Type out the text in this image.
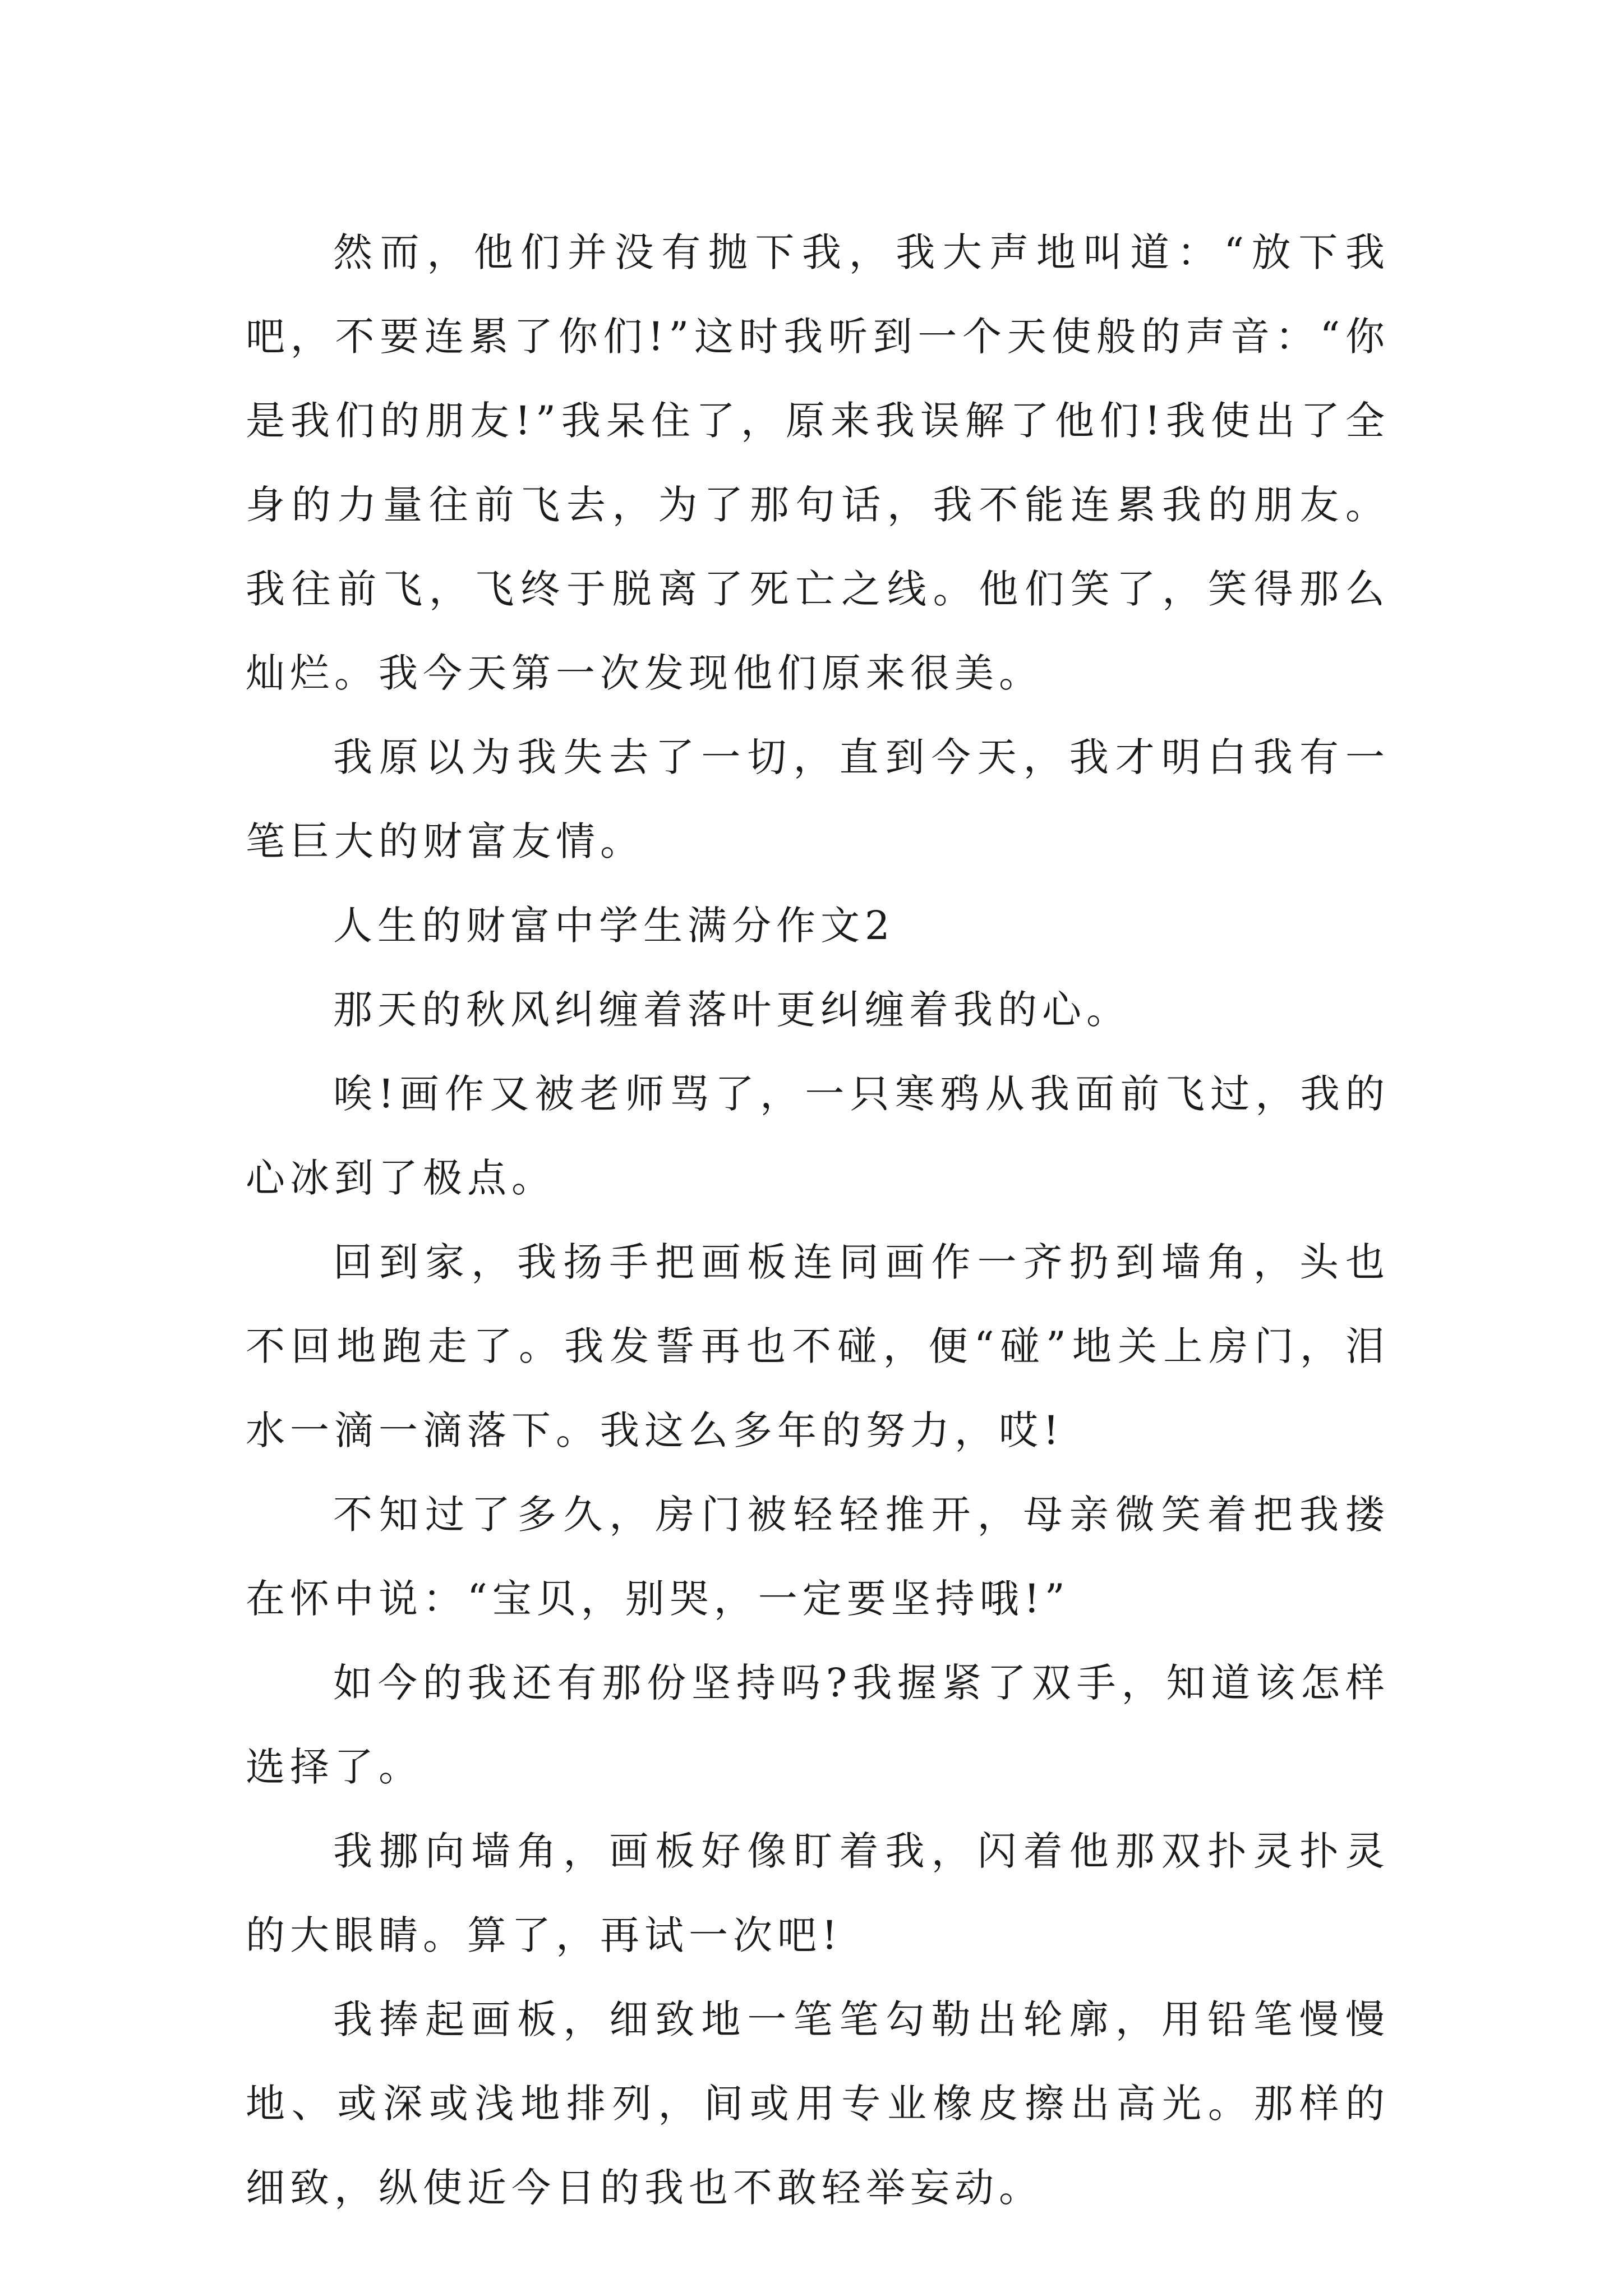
然而，他们并没有抛下我，我大声地叫道：“放下我吧，不要连累了你们!”这时我听到一个天使般的声音：“你是我们的朋友!”我呆住了，原来我误解了他们!我使出了全身的力量往前飞去，为了那句话，我不能连累我的朋友。我往前飞，飞终于脱离了死亡之线。他们笑了，笑得那么灿烂。我今天第一次发现他们原来很美。

我原以为我失去了一切，直到今天，我才明白我有一笔巨大的财富友情。

人生的财富中学生满分作文2

那天的秋风纠缠着落叶更纠缠着我的心。

唉!画作又被老师骂了，一只寒鸦从我面前飞过，我的心冰到了极点。

回到家，我扬手把画板连同画作一齐扔到墙角，头也不回地跑走了。我发誓再也不碰，便“碰”地关上房门，泪水一滴一滴落下。我这么多年的努力，哎!

不知过了多久，房门被轻轻推开，母亲微笑着把我搂在怀中说：“宝贝，别哭，一定要坚持哦!”

如今的我还有那份坚持吗?我握紧了双手，知道该怎样选择了。

我挪向墙角，画板好像盯着我，闪着他那双扑灵扑灵的大眼睛。算了，再试一次吧!

我捧起画板，细致地一笔笔勾勒出轮廓，用铅笔慢慢地、或深或浅地排列，间或用专业橡皮擦出高光。那样的细致，纵使近今日的我也不敢轻举妄动。
